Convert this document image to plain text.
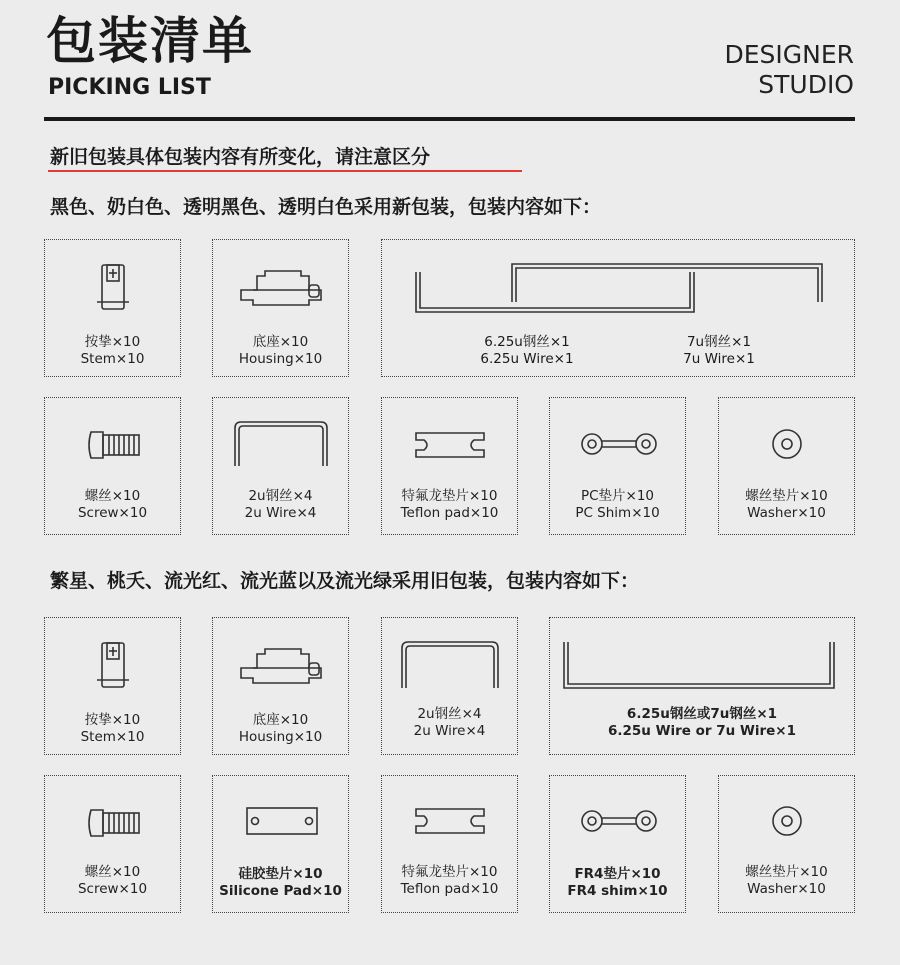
包装清单
PICKING LIST
DESIGNER
STUDIO
新旧包装具体包装内容有所变化，请注意区分
黑色、奶白色、透明黑色、透明白色采用新包装，包装内容如下：
按挚×10
Stem×10
底座×10
Housing×10
6.25u钢丝×1
6.25u Wire×1
7u钢丝×1
7u Wire×1
螺丝×10
Screw×10
2u钢丝×4
2u Wire×4
特氟龙垫片×10
Teflon pad×10
PC垫片×10
PC Shim×10
螺丝垫片×10
Washer×10
繁星、桃夭、流光红、流光蓝以及流光绿采用旧包装，包装内容如下：
按挚×10
Stem×10
底座×10
Housing×10
2u钢丝×4
2u Wire×4
6.25u钢丝或7u钢丝×1
6.25u Wire or 7u Wire×1
螺丝×10
Screw×10
硅胶垫片×10
Silicone Pad×10
特氟龙垫片×10
Teflon pad×10
FR4垫片×10
FR4 shim×10
螺丝垫片×10
Washer×10
